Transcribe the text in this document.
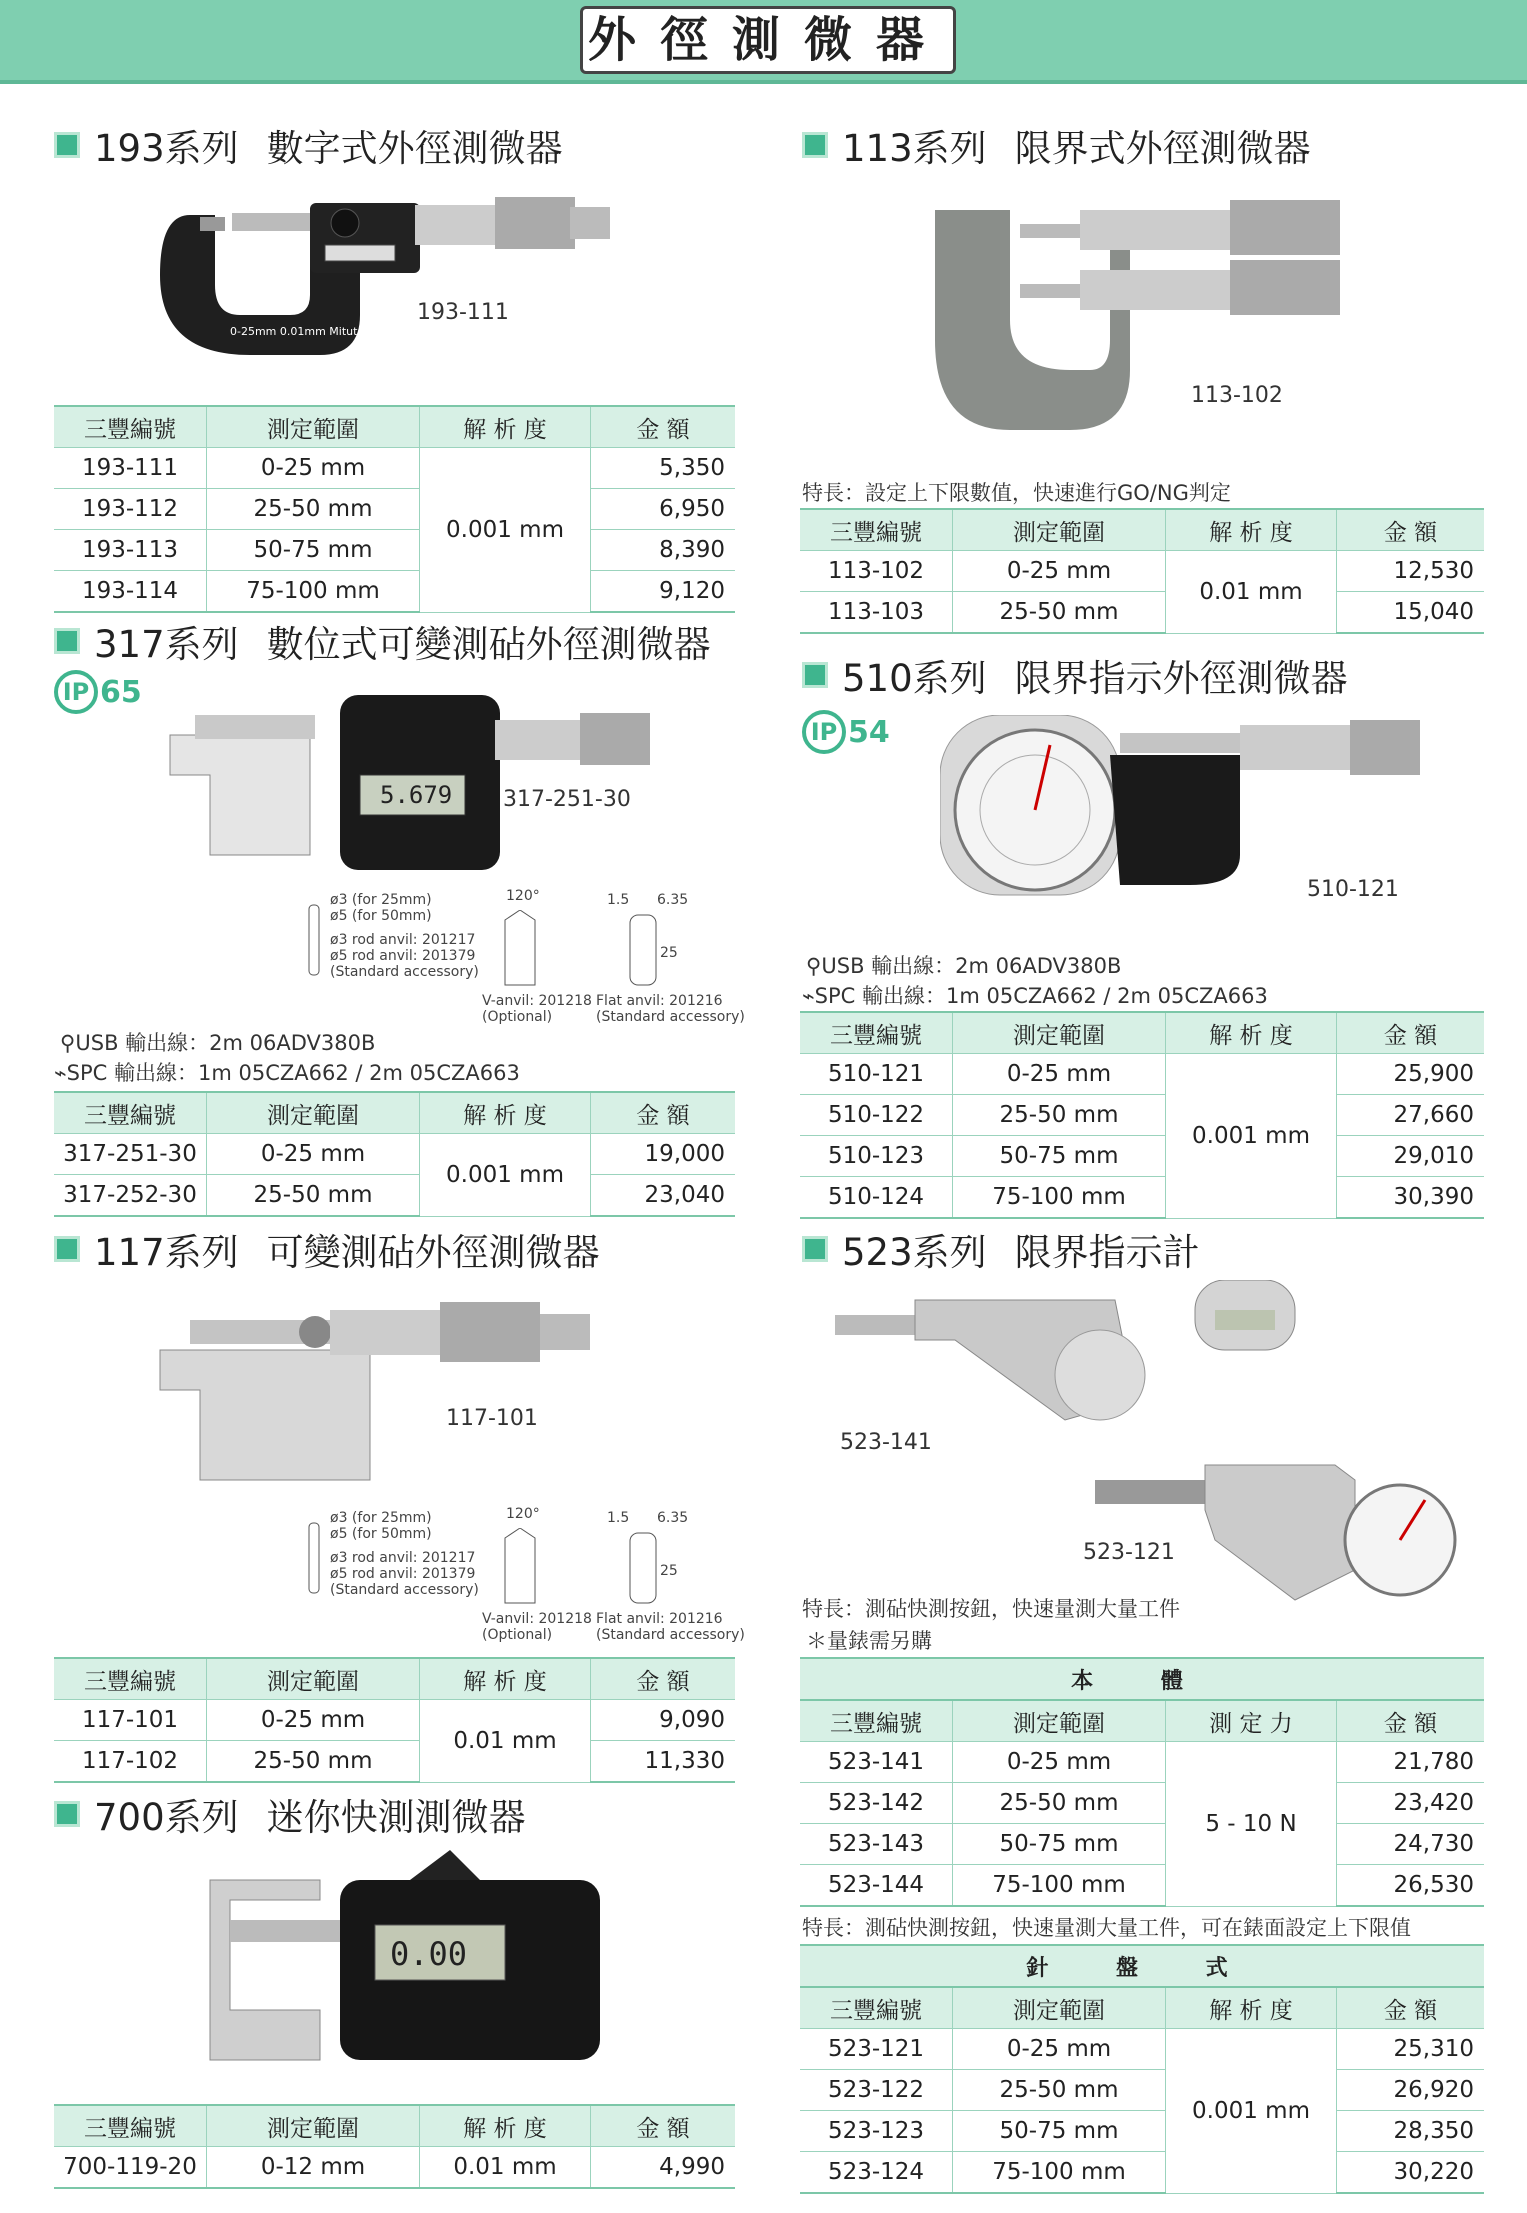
外徑測微器
193系列 數字式外徑測微器
0-25mm 0.01mm Mitutoyo
193-111
三豐編號	測定範圍	解 析 度	金 額
193-111	0-25 mm	0.001 mm	5,350
193-112	25-50 mm		6,950
193-113	50-75 mm		8,390
193-114	75-100 mm		9,120
317系列 數位式可變測砧外徑測微器
IP 65
5.679 317-251-30
ø3 (for 25mm)
ø5 (for 50mm)
ø3 rod anvil: 201217
ø5 rod anvil: 201379
(Standard accessory)
120°
V-anvil: 201218
(Optional)
1.5 6.35
25
Flat anvil: 201216
(Standard accessory)
⚲USB 輸出線：2m 06ADV380B
⌁SPC 輸出線：1m 05CZA662 / 2m 05CZA663
三豐編號	測定範圍	解 析 度	金 額
317-251-30	0-25 mm	0.001 mm	19,000
317-252-30	25-50 mm		23,040
117系列 可變測砧外徑測微器
117-101
ø3 (for 25mm)
ø5 (for 50mm)
ø3 rod anvil: 201217
ø5 rod anvil: 201379
(Standard accessory)
120°
V-anvil: 201218
(Optional)
1.5 6.35
25
Flat anvil: 201216
(Standard accessory)
三豐編號	測定範圍	解 析 度	金 額
117-101	0-25 mm	0.01 mm	9,090
117-102	25-50 mm		11,330
700系列 迷你快測測微器
0.00
三豐編號	測定範圍	解 析 度	金 額
700-119-20	0-12 mm	0.01 mm	4,990
113系列 限界式外徑測微器
113-102
特長：設定上下限數值，快速進行GO/NG判定
三豐編號	測定範圍	解 析 度	金 額
113-102	0-25 mm	0.01 mm	12,530
113-103	25-50 mm		15,040
510系列 限界指示外徑測微器
IP 54
510-121
⚲USB 輸出線：2m 06ADV380B
⌁SPC 輸出線：1m 05CZA662 / 2m 05CZA663
三豐編號	測定範圍	解 析 度	金 額
510-121	0-25 mm	0.001 mm	25,900
510-122	25-50 mm		27,660
510-123	50-75 mm		29,010
510-124	75-100 mm		30,390
523系列 限界指示計
523-141
523-121
特長：測砧快測按鈕，快速量測大量工件
＊量錶需另購
本 體			
三豐編號	測定範圍	測 定 力	金 額
523-141	0-25 mm	5 - 10 N	21,780
523-142	25-50 mm		23,420
523-143	50-75 mm		24,730
523-144	75-100 mm		26,530
特長：測砧快測按鈕，快速量測大量工件，可在錶面設定上下限值
針 盤 式			
三豐編號	測定範圍	解 析 度	金 額
523-121	0-25 mm	0.001 mm	25,310
523-122	25-50 mm		26,920
523-123	50-75 mm		28,350
523-124	75-100 mm		30,220
